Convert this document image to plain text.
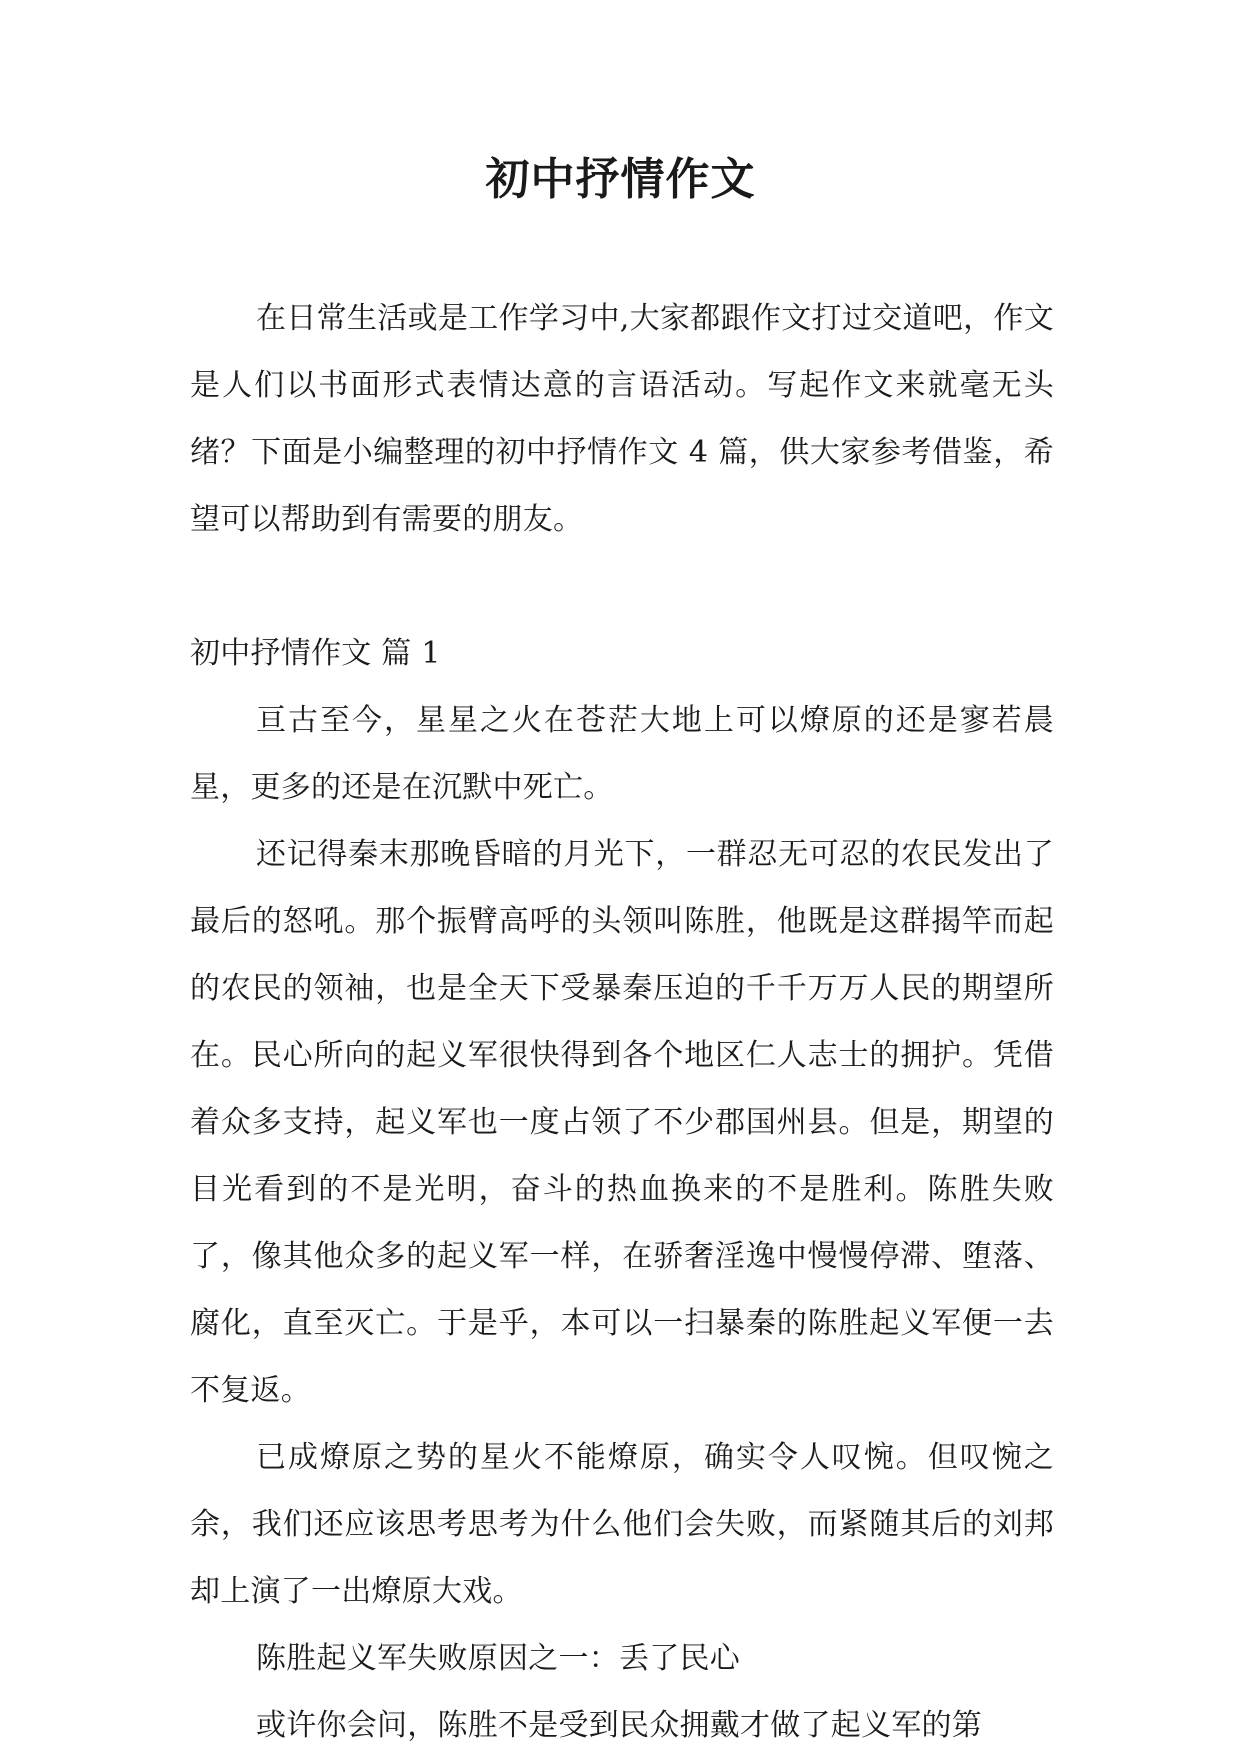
初中抒情作文

在日常生活或是工作学习中,大家都跟作文打过交道吧，作文是人们以书面形式表情达意的言语活动。写起作文来就毫无头绪？下面是小编整理的初中抒情作文 4 篇，供大家参考借鉴，希望可以帮助到有需要的朋友。

初中抒情作文 篇 1

亘古至今，星星之火在苍茫大地上可以燎原的还是寥若晨星，更多的还是在沉默中死亡。

还记得秦末那晚昏暗的月光下，一群忍无可忍的农民发出了最后的怒吼。那个振臂高呼的头领叫陈胜，他既是这群揭竿而起的农民的领袖，也是全天下受暴秦压迫的千千万万人民的期望所在。民心所向的起义军很快得到各个地区仁人志士的拥护。凭借着众多支持，起义军也一度占领了不少郡国州县。但是，期望的目光看到的不是光明，奋斗的热血换来的不是胜利。陈胜失败了，像其他众多的起义军一样，在骄奢淫逸中慢慢停滞、堕落、腐化，直至灭亡。于是乎，本可以一扫暴秦的陈胜起义军便一去不复返。

已成燎原之势的星火不能燎原，确实令人叹惋。但叹惋之余，我们还应该思考思考为什么他们会失败，而紧随其后的刘邦却上演了一出燎原大戏。

陈胜起义军失败原因之一：丢了民心

或许你会问，陈胜不是受到民众拥戴才做了起义军的第
